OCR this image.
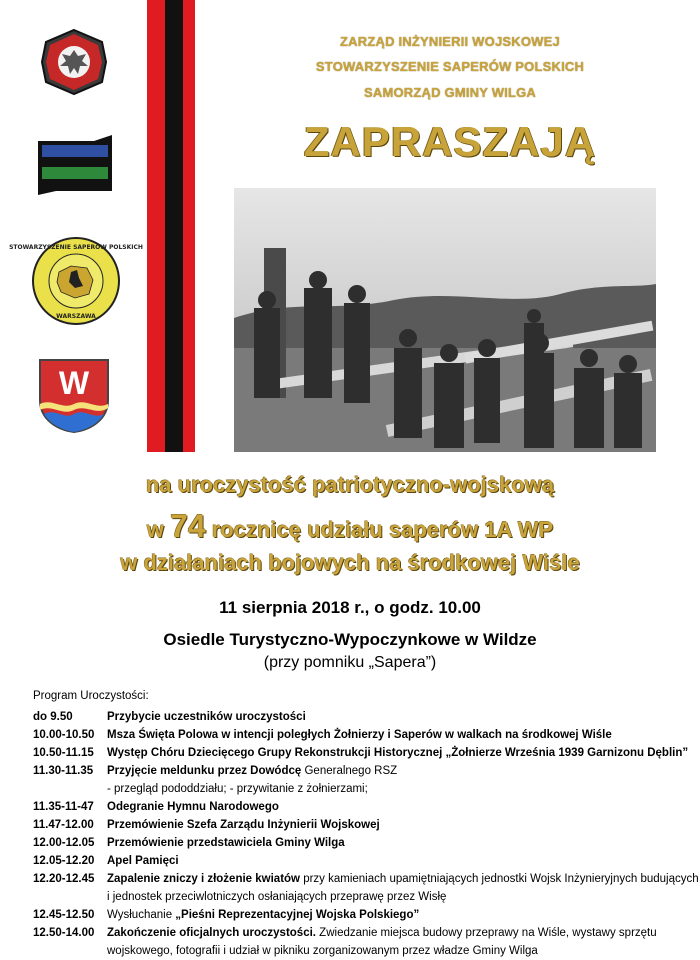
STOWARZYSZENIE SAPERÓW POLSKICH
WARSZAWA
W
ZARZĄD INŻYNIERII WOJSKOWEJ
STOWARZYSZENIE SAPERÓW POLSKICH
SAMORZĄD GMINY WILGA
ZAPRASZAJĄ
na uroczystość patriotyczno-wojskową
w 74 rocznicę udziału saperów 1A WP
w działaniach bojowych na środkowej Wiśle
11 sierpnia 2018 r., o godz. 10.00
Osiedle Turystyczno-Wypoczynkowe w Wildze
(przy pomniku „Sapera”)
Program Uroczystości:
do 9.50	Przybycie uczestników uroczystości
10.00-10.50	Msza Święta Polowa w intencji poległych Żołnierzy i Saperów w walkach na środkowej Wiśle
10.50-11.15	Występ Chóru Dziecięcego Grupy Rekonstrukcji Historycznej „Żołnierze Września 1939 Garnizonu Dęblin”
11.30-11.35	Przyjęcie meldunku przez Dowódcę Generalnego RSZ
- przegląd pododdziału; - przywitanie z żołnierzami;
11.35-11-47	Odegranie Hymnu Narodowego
11.47-12.00	Przemówienie Szefa Zarządu Inżynierii Wojskowej
12.00-12.05	Przemówienie przedstawiciela Gminy Wilga
12.05-12.20	Apel Pamięci
12.20-12.45	Zapalenie zniczy i złożenie kwiatów przy kamieniach upamiętniających jednostki Wojsk Inżynieryjnych budujących
i jednostek przeciwlotniczych osłaniających przeprawę przez Wisłę
12.45-12.50	Wysłuchanie „Pieśni Reprezentacyjnej Wojska Polskiego”
12.50-14.00	Zakończenie oficjalnych uroczystości. Zwiedzanie miejsca budowy przeprawy na Wiśle, wystawy sprzętu
wojskowego, fotografii i udział w pikniku zorganizowanym przez władze Gminy Wilga
